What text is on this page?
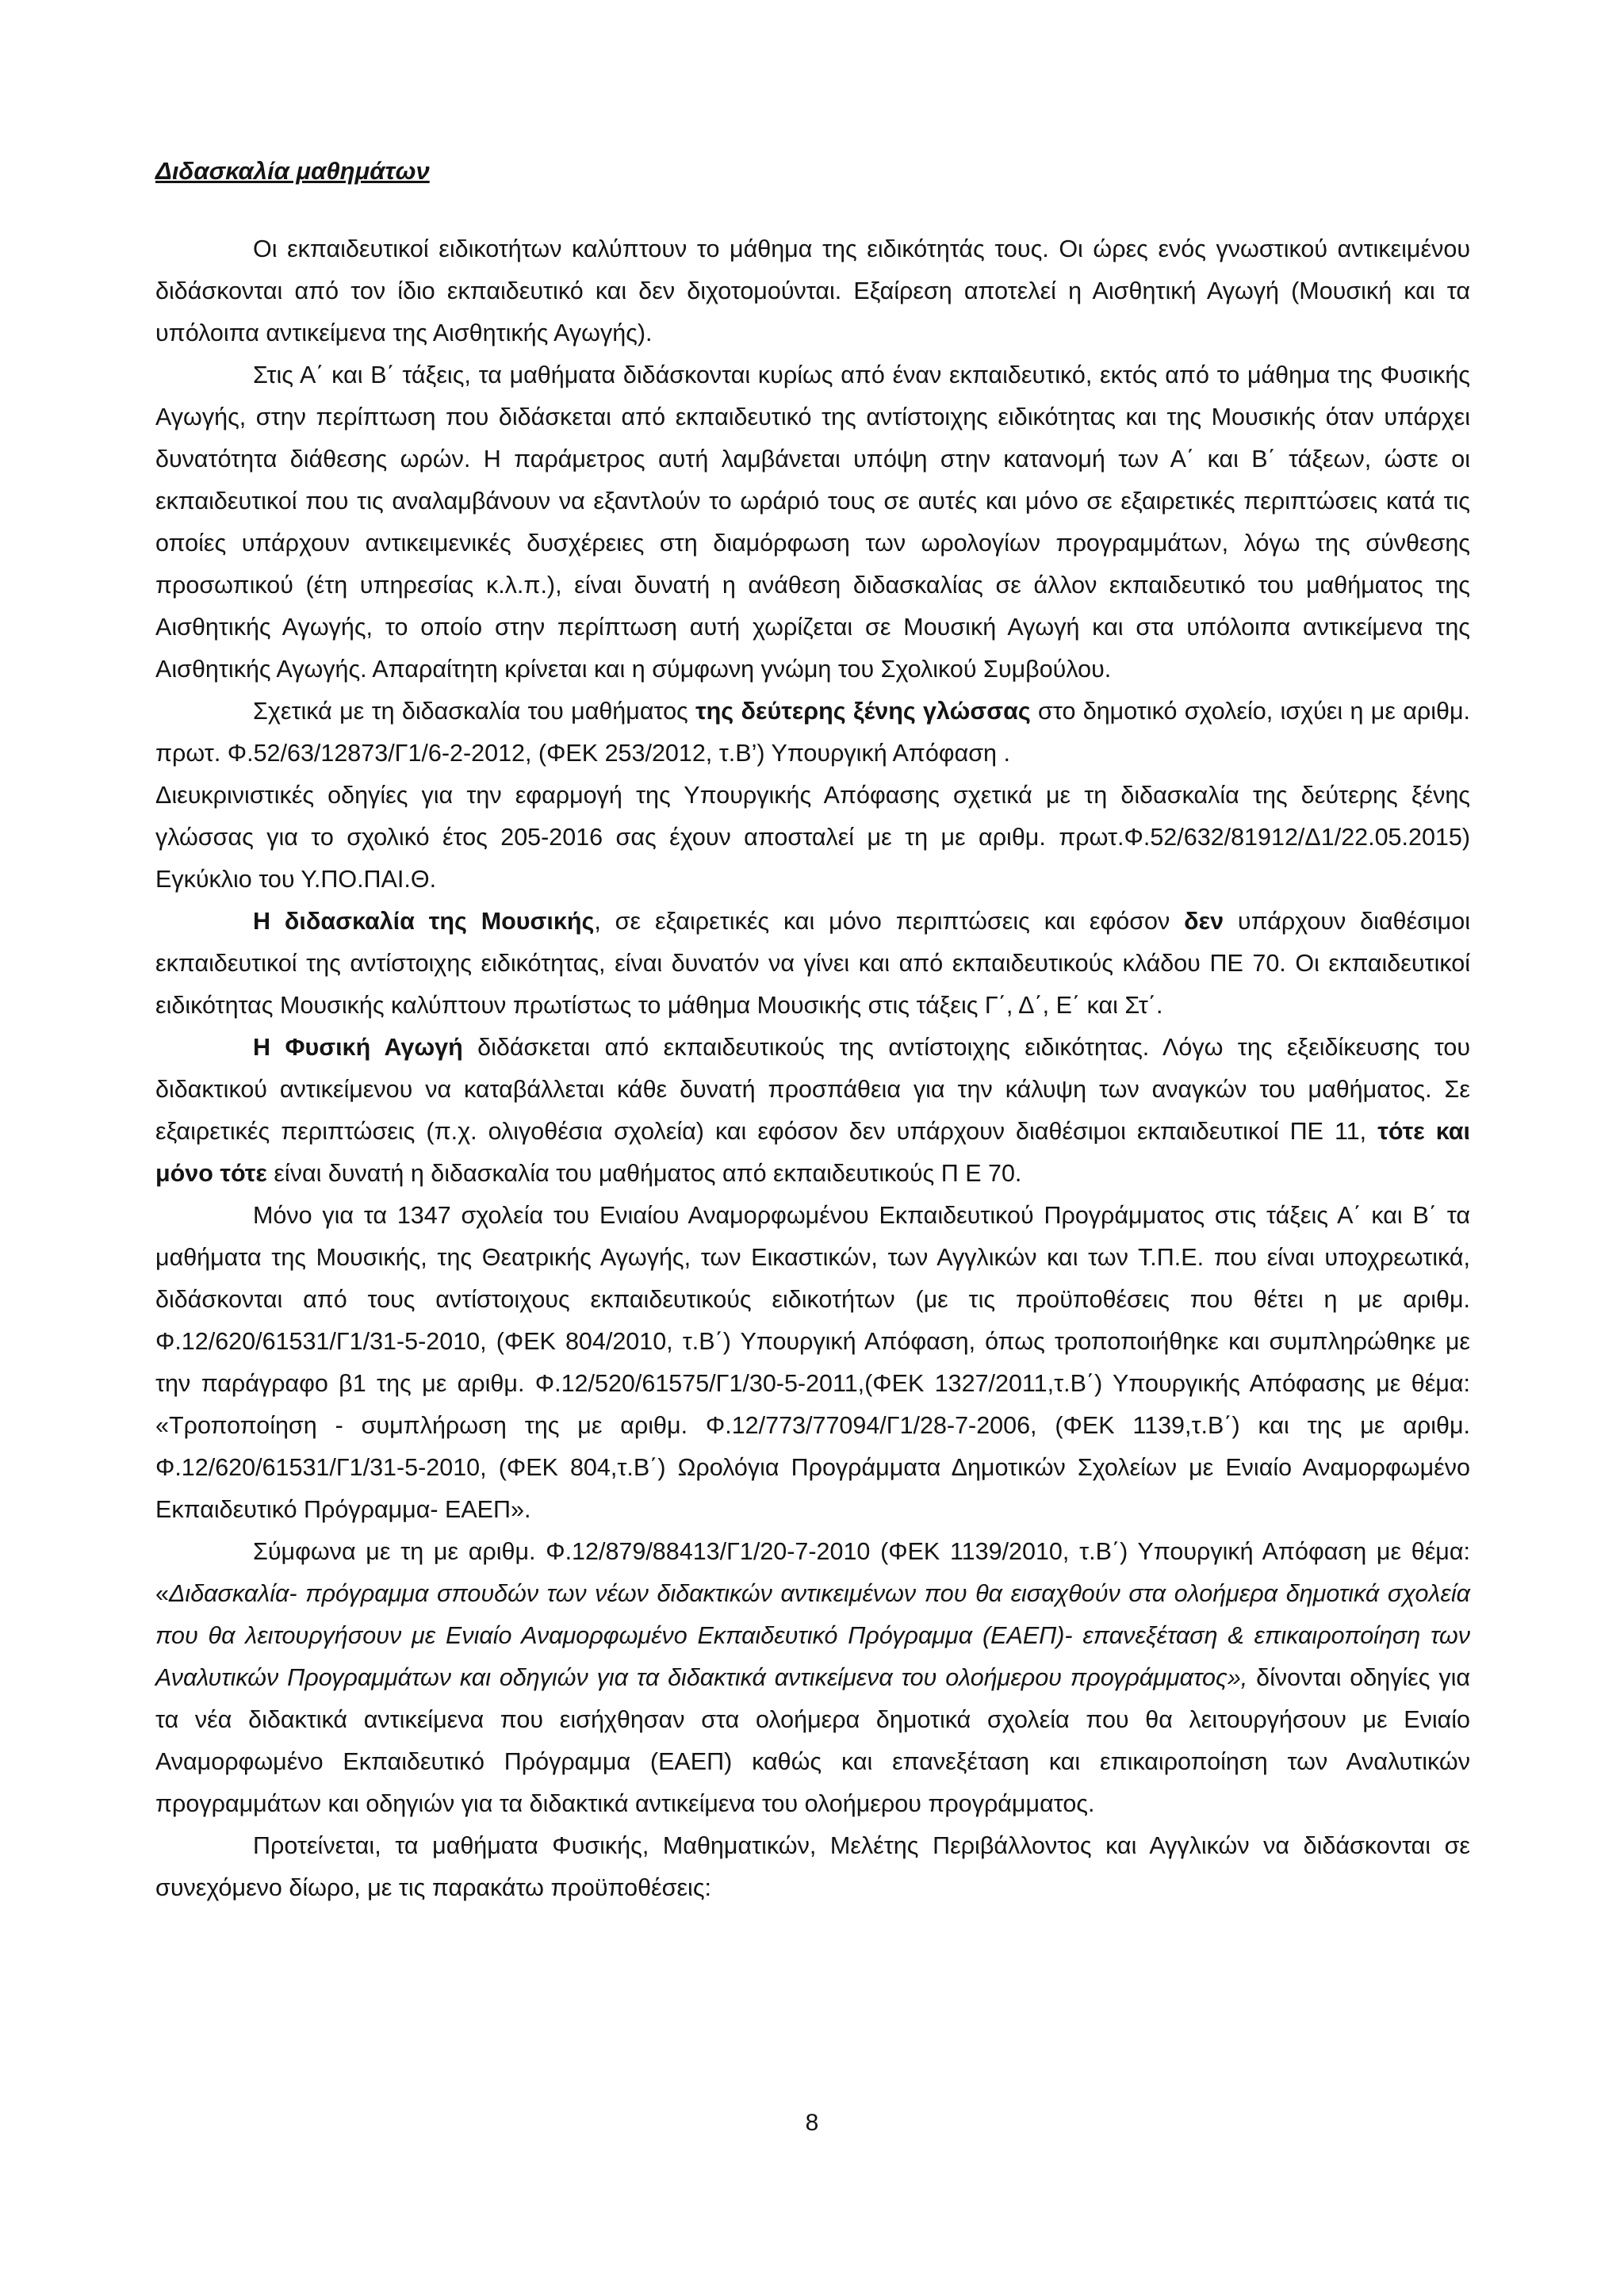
Διδασκαλία μαθημάτων

Οι εκπαιδευτικοί ειδικοτήτων καλύπτουν το μάθημα της ειδικότητάς τους. Οι ώρες ενός γνωστικού αντικειμένου διδάσκονται από τον ίδιο εκπαιδευτικό και δεν διχοτομούνται. Εξαίρεση αποτελεί η Αισθητική Αγωγή (Μουσική και τα υπόλοιπα αντικείμενα της Αισθητικής Αγωγής).

Στις Α΄ και Β΄ τάξεις, τα μαθήματα διδάσκονται κυρίως από έναν εκπαιδευτικό, εκτός από το μάθημα της Φυσικής Αγωγής, στην περίπτωση που διδάσκεται από εκπαιδευτικό της αντίστοιχης ειδικότητας και της Μουσικής όταν υπάρχει δυνατότητα διάθεσης ωρών. Η παράμετρος αυτή λαμβάνεται υπόψη στην κατανομή των Α΄ και Β΄ τάξεων, ώστε οι εκπαιδευτικοί που τις αναλαμβάνουν να εξαντλούν το ωράριό τους σε αυτές και μόνο σε εξαιρετικές περιπτώσεις κατά τις οποίες υπάρχουν αντικειμενικές δυσχέρειες στη διαμόρφωση των ωρολογίων προγραμμάτων, λόγω της σύνθεσης προσωπικού (έτη υπηρεσίας κ.λ.π.), είναι δυνατή η ανάθεση διδασκαλίας σε άλλον εκπαιδευτικό του μαθήματος της Αισθητικής Αγωγής, το οποίο στην περίπτωση αυτή χωρίζεται σε Μουσική Αγωγή και στα υπόλοιπα αντικείμενα της Αισθητικής Αγωγής. Απαραίτητη κρίνεται και η σύμφωνη γνώμη του Σχολικού Συμβούλου.

Σχετικά με τη διδασκαλία του μαθήματος της δεύτερης ξένης γλώσσας στο δημοτικό σχολείο, ισχύει η με αριθμ. πρωτ. Φ.52/63/12873/Γ1/6-2-2012, (ΦΕΚ 253/2012, τ.Β’) Υπουργική Απόφαση .

Διευκρινιστικές οδηγίες για την εφαρμογή της Υπουργικής Απόφασης σχετικά με τη διδασκαλία της δεύτερης ξένης γλώσσας για το σχολικό έτος 205-2016 σας έχουν αποσταλεί με τη με αριθμ. πρωτ.Φ.52/632/81912/Δ1/22.05.2015) Εγκύκλιο του Υ.ΠΟ.ΠΑΙ.Θ.

Η διδασκαλία της Μουσικής, σε εξαιρετικές και μόνο περιπτώσεις και εφόσον δεν υπάρχουν διαθέσιμοι εκπαιδευτικοί της αντίστοιχης ειδικότητας, είναι δυνατόν να γίνει και από εκπαιδευτικούς κλάδου ΠΕ 70. Οι εκπαιδευτικοί ειδικότητας Μουσικής καλύπτουν πρωτίστως το μάθημα Μουσικής στις τάξεις Γ΄, Δ΄, Ε΄ και Στ΄.

Η Φυσική Αγωγή διδάσκεται από εκπαιδευτικούς της αντίστοιχης ειδικότητας. Λόγω της εξειδίκευσης του διδακτικού αντικείμενου να καταβάλλεται κάθε δυνατή προσπάθεια για την κάλυψη των αναγκών του μαθήματος. Σε εξαιρετικές περιπτώσεις (π.χ. ολιγοθέσια σχολεία) και εφόσον δεν υπάρχουν διαθέσιμοι εκπαιδευτικοί ΠΕ 11, τότε και μόνο τότε είναι δυνατή η διδασκαλία του μαθήματος από εκπαιδευτικούς Π Ε 70.

Μόνο για τα 1347 σχολεία του Ενιαίου Αναμορφωμένου Εκπαιδευτικού Προγράμματος στις τάξεις Α΄ και Β΄ τα μαθήματα της Μουσικής, της Θεατρικής Αγωγής, των Εικαστικών, των Αγγλικών και των Τ.Π.Ε. που είναι υποχρεωτικά, διδάσκονται από τους αντίστοιχους εκπαιδευτικούς ειδικοτήτων (με τις προϋποθέσεις που θέτει η με αριθμ. Φ.12/620/61531/Γ1/31-5-2010, (ΦΕΚ 804/2010, τ.Β΄) Υπουργική Απόφαση, όπως τροποποιήθηκε και συμπληρώθηκε με την παράγραφο β1 της με αριθμ. Φ.12/520/61575/Γ1/30-5-2011,(ΦΕΚ 1327/2011,τ.Β΄) Υπουργικής Απόφασης με θέμα: «Τροποποίηση - συμπλήρωση της με αριθμ. Φ.12/773/77094/Γ1/28-7-2006, (ΦΕΚ 1139,τ.Β΄) και της με αριθμ. Φ.12/620/61531/Γ1/31-5-2010, (ΦΕΚ 804,τ.Β΄) Ωρολόγια Προγράμματα Δημοτικών Σχολείων με Ενιαίο Αναμορφωμένο Εκπαιδευτικό Πρόγραμμα- ΕΑΕΠ».

Σύμφωνα με τη με αριθμ. Φ.12/879/88413/Γ1/20-7-2010 (ΦΕΚ 1139/2010, τ.Β΄) Υπουργική Απόφαση με θέμα: «Διδασκαλία- πρόγραμμα σπουδών των νέων διδακτικών αντικειμένων που θα εισαχθούν στα ολοήμερα δημοτικά σχολεία που θα λειτουργήσουν με Ενιαίο Αναμορφωμένο Εκπαιδευτικό Πρόγραμμα (ΕΑΕΠ)- επανεξέταση & επικαιροποίηση των Αναλυτικών Προγραμμάτων και οδηγιών για τα διδακτικά αντικείμενα του ολοήμερου προγράμματος», δίνονται οδηγίες για τα νέα διδακτικά αντικείμενα που εισήχθησαν στα ολοήμερα δημοτικά σχολεία που θα λειτουργήσουν με Ενιαίο Αναμορφωμένο Εκπαιδευτικό Πρόγραμμα (ΕΑΕΠ) καθώς και επανεξέταση και επικαιροποίηση των Αναλυτικών προγραμμάτων και οδηγιών για τα διδακτικά αντικείμενα του ολοήμερου προγράμματος.

Προτείνεται, τα μαθήματα Φυσικής, Μαθηματικών, Μελέτης Περιβάλλοντος και Αγγλικών να διδάσκονται σε συνεχόμενο δίωρο, με τις παρακάτω προϋποθέσεις:

8
